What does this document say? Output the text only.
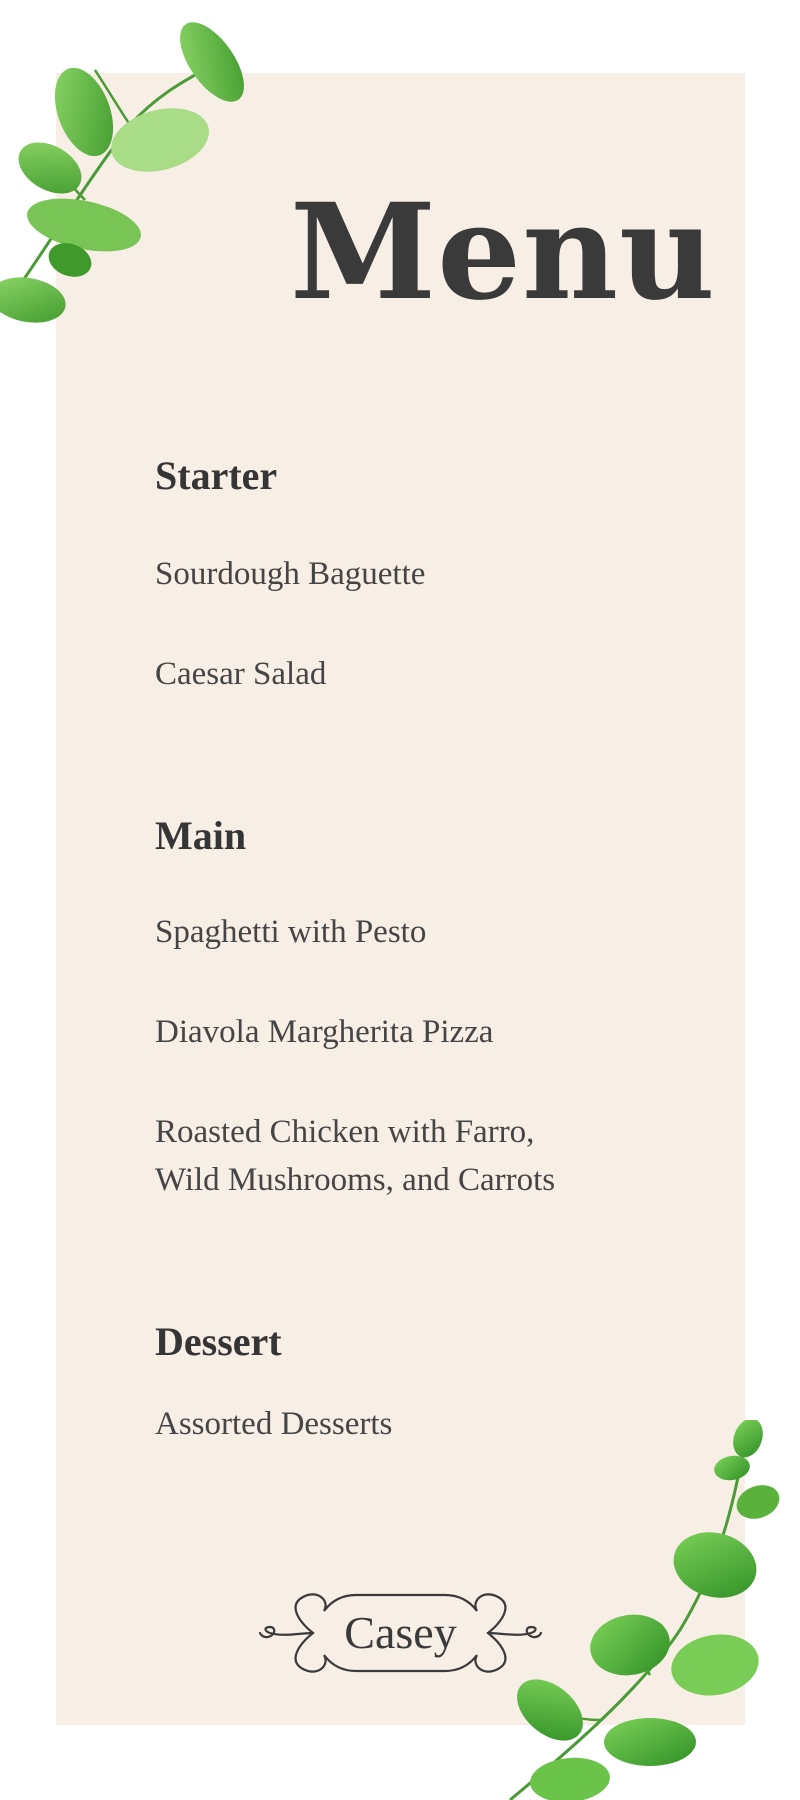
Menu
Starter
Sourdough Baguette
Caesar Salad
Main
Spaghetti with Pesto
Diavola Margherita Pizza
Roasted Chicken with Farro,
Wild Mushrooms, and Carrots
Dessert
Assorted Desserts
Casey
